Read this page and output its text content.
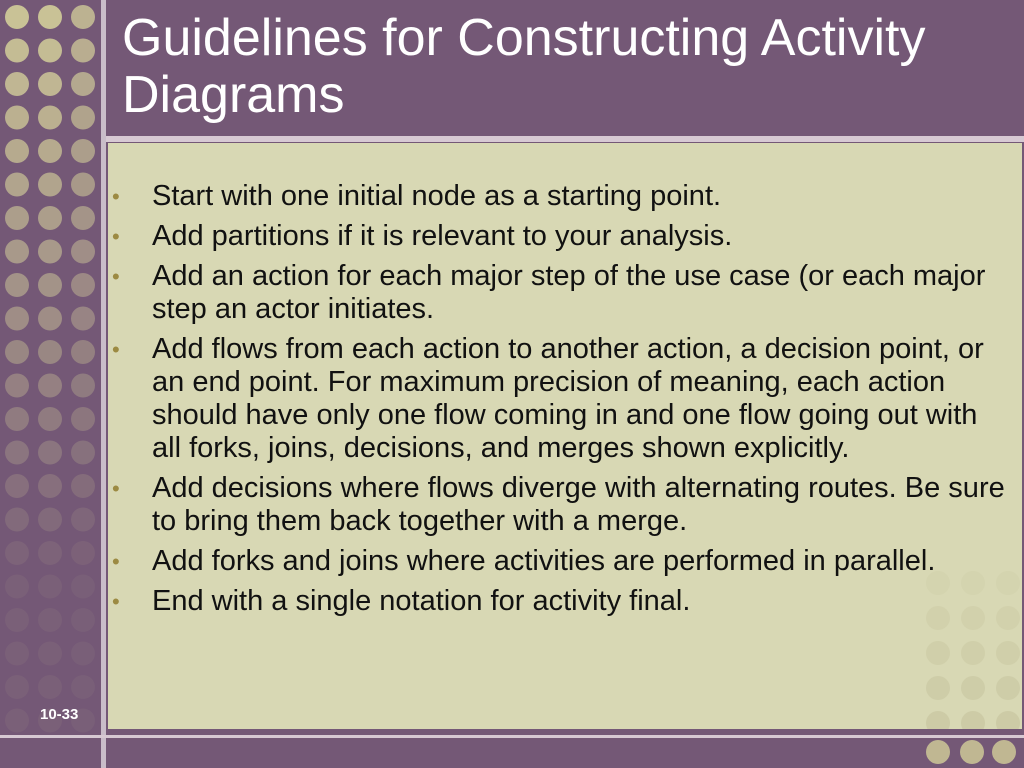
Guidelines for Constructing Activity Diagrams
• Start with one initial node as a starting point.
• Add partitions if it is relevant to your analysis.
• Add an action for each major step of the use case (or each major step an actor initiates.
• Add flows from each action to another action, a decision point, or an end point. For maximum precision of meaning, each action should have only one flow coming in and one flow going out with all forks, joins, decisions, and merges shown explicitly.
• Add decisions where flows diverge with alternating routes. Be sure to bring them back together with a merge.
• Add forks and joins where activities are performed in parallel.
• End with a single notation for activity final.
10-33
